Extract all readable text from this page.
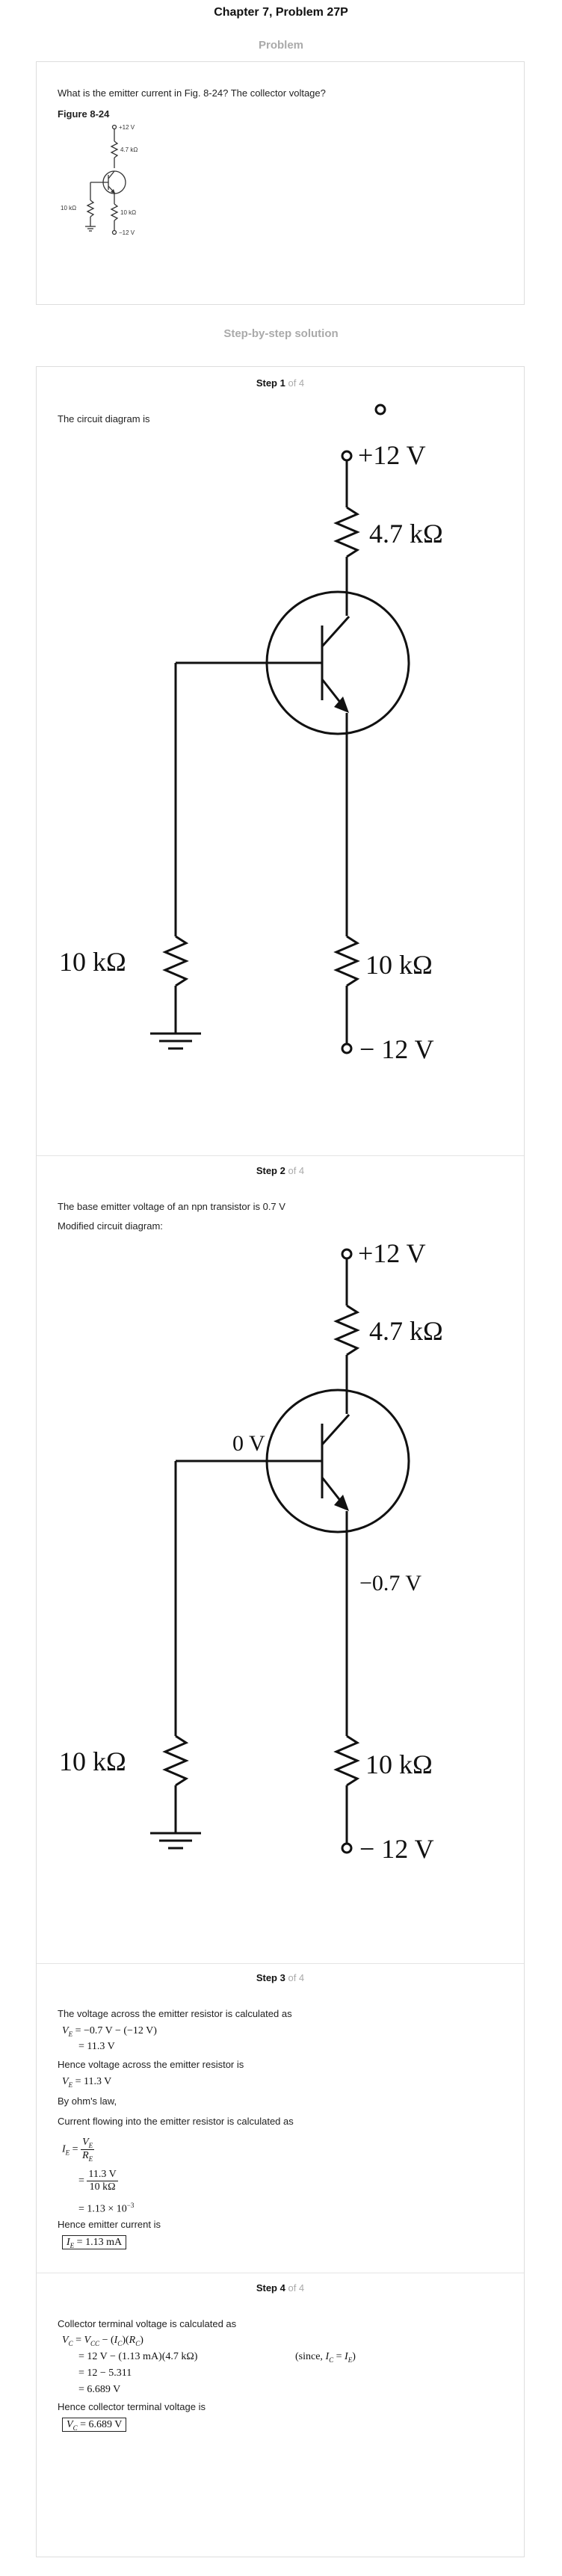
Chapter 7, Problem 27P
Problem
What is the emitter current in Fig. 8-24? The collector voltage?
Figure 8-24
+12 V
4.7 kΩ
10 kΩ
10 kΩ
−12 V
Step-by-step solution
Step 1 of 4
The circuit diagram is
+12 V
4.7 kΩ
10 kΩ	10 kΩ
− 12 V
Step 2 of 4
The base emitter voltage of an npn transistor is 0.7 V
Modified circuit diagram:
+12 V
4.7 kΩ
0 V
−0.7 V
10 kΩ	10 kΩ
− 12 V
Step 3 of 4
The voltage across the emitter resistor is calculated as
$V_E = -0.7$ V − (−12 V)
= 11.3 V
Hence voltage across the emitter resistor is
$V_E = 11.3$ V
By ohm's law,
Current flowing into the emitter resistor is calculated as
$I_E = \frac{V_E}{R_E}$
= $\frac{11.3 V}{10 k\Omega}$
= $1.13 \times 10^{-3}$
Hence emitter current is
$I_E = 1.13$ mA
Step 4 of 4
Collector terminal voltage is calculated as
$V_C = V_{CC} - (I_C)(R_C)$
= 12 V − (1.13 mA)(4.7 kΩ)	(since, $I_C = I_E$)
= 12 − 5.311
= 6.689 V
Hence collector terminal voltage is
$V_C = 6.689$ V
